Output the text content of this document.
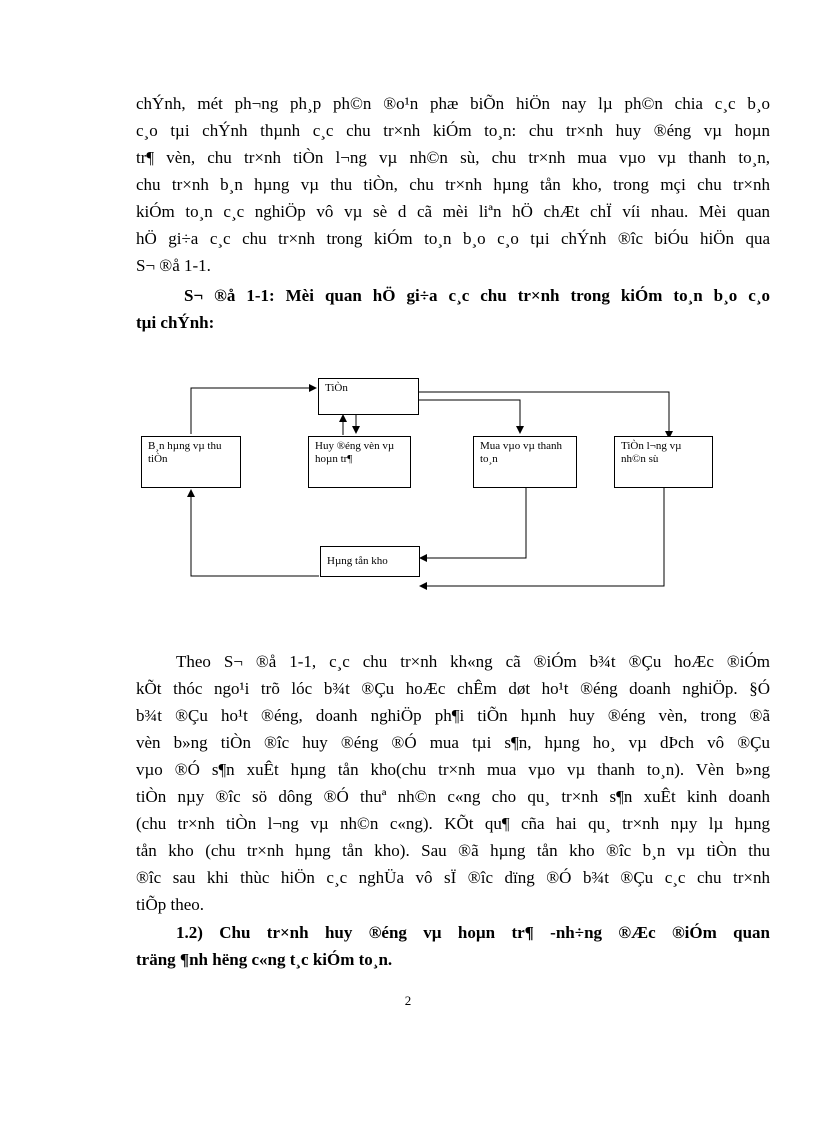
chÝnh, mét ph¬ng ph¸p ph©n ®o¹n phæ biÕn hiÖn nay lµ ph©n chia c¸c b¸o
c¸o tµi chÝnh thµnh c¸c chu tr×nh kiÓm to¸n: chu tr×nh huy ®éng vµ hoµn
tr¶ vèn, chu tr×nh tiÒn l¬ng vµ nh©n sù, chu tr×nh mua vµo vµ thanh to¸n,
chu tr×nh b¸n hµng vµ thu tiÒn, chu tr×nh hµng tån kho, trong mçi chu tr×nh
kiÓm to¸n c¸c nghiÖp vô vµ sè d cã mèi liªn hÖ chÆt chÏ víi nhau. Mèi quan
hÖ gi÷a c¸c chu tr×nh trong kiÓm to¸n b¸o c¸o tµi chÝnh ®îc biÓu hiÖn qua
S¬ ®å 1-1.
S¬ ®å 1-1: Mèi quan hÖ gi÷a c¸c chu tr×nh trong kiÓm to¸n b¸o c¸o
tµi chÝnh:
TiÒn
B¸n hµng vµ thu tiÒn
Huy ®éng vèn vµ hoµn tr¶
Mua vµo vµ thanh to¸n
TiÒn l¬ng vµ nh©n sù
Hµng tån kho
Theo S¬ ®å 1-1, c¸c chu tr×nh kh«ng cã ®iÓm b¾t ®Çu hoÆc ®iÓm
kÕt thóc ngo¹i trõ lóc b¾t ®Çu hoÆc chÊm døt ho¹t ®éng doanh nghiÖp. §Ó
b¾t ®Çu ho¹t ®éng, doanh nghiÖp ph¶i tiÕn hµnh huy ®éng vèn, trong ®ã
vèn b»ng tiÒn ®îc huy ®éng ®Ó mua tµi s¶n, hµng ho¸ vµ dÞch vô ®Çu
vµo ®Ó s¶n xuÊt hµng tån kho(chu tr×nh mua vµo vµ thanh to¸n). Vèn b»ng
tiÒn nµy ®îc sö dông ®Ó thuª nh©n c«ng cho qu¸ tr×nh s¶n xuÊt kinh doanh
(chu tr×nh tiÒn l¬ng vµ nh©n c«ng). KÕt qu¶ cña hai qu¸ tr×nh nµy lµ hµng
tån kho (chu tr×nh hµng tån kho). Sau ®ã hµng tån kho ®îc b¸n vµ tiÒn thu
®îc sau khi thùc hiÖn c¸c nghÜa vô sÏ ®îc dïng ®Ó b¾t ®Çu c¸c chu tr×nh
tiÕp theo.
1.2) Chu tr×nh huy ®éng vµ hoµn tr¶ -nh÷ng ®Æc ®iÓm quan
träng ¶nh hëng c«ng t¸c kiÓm to¸n.
2
